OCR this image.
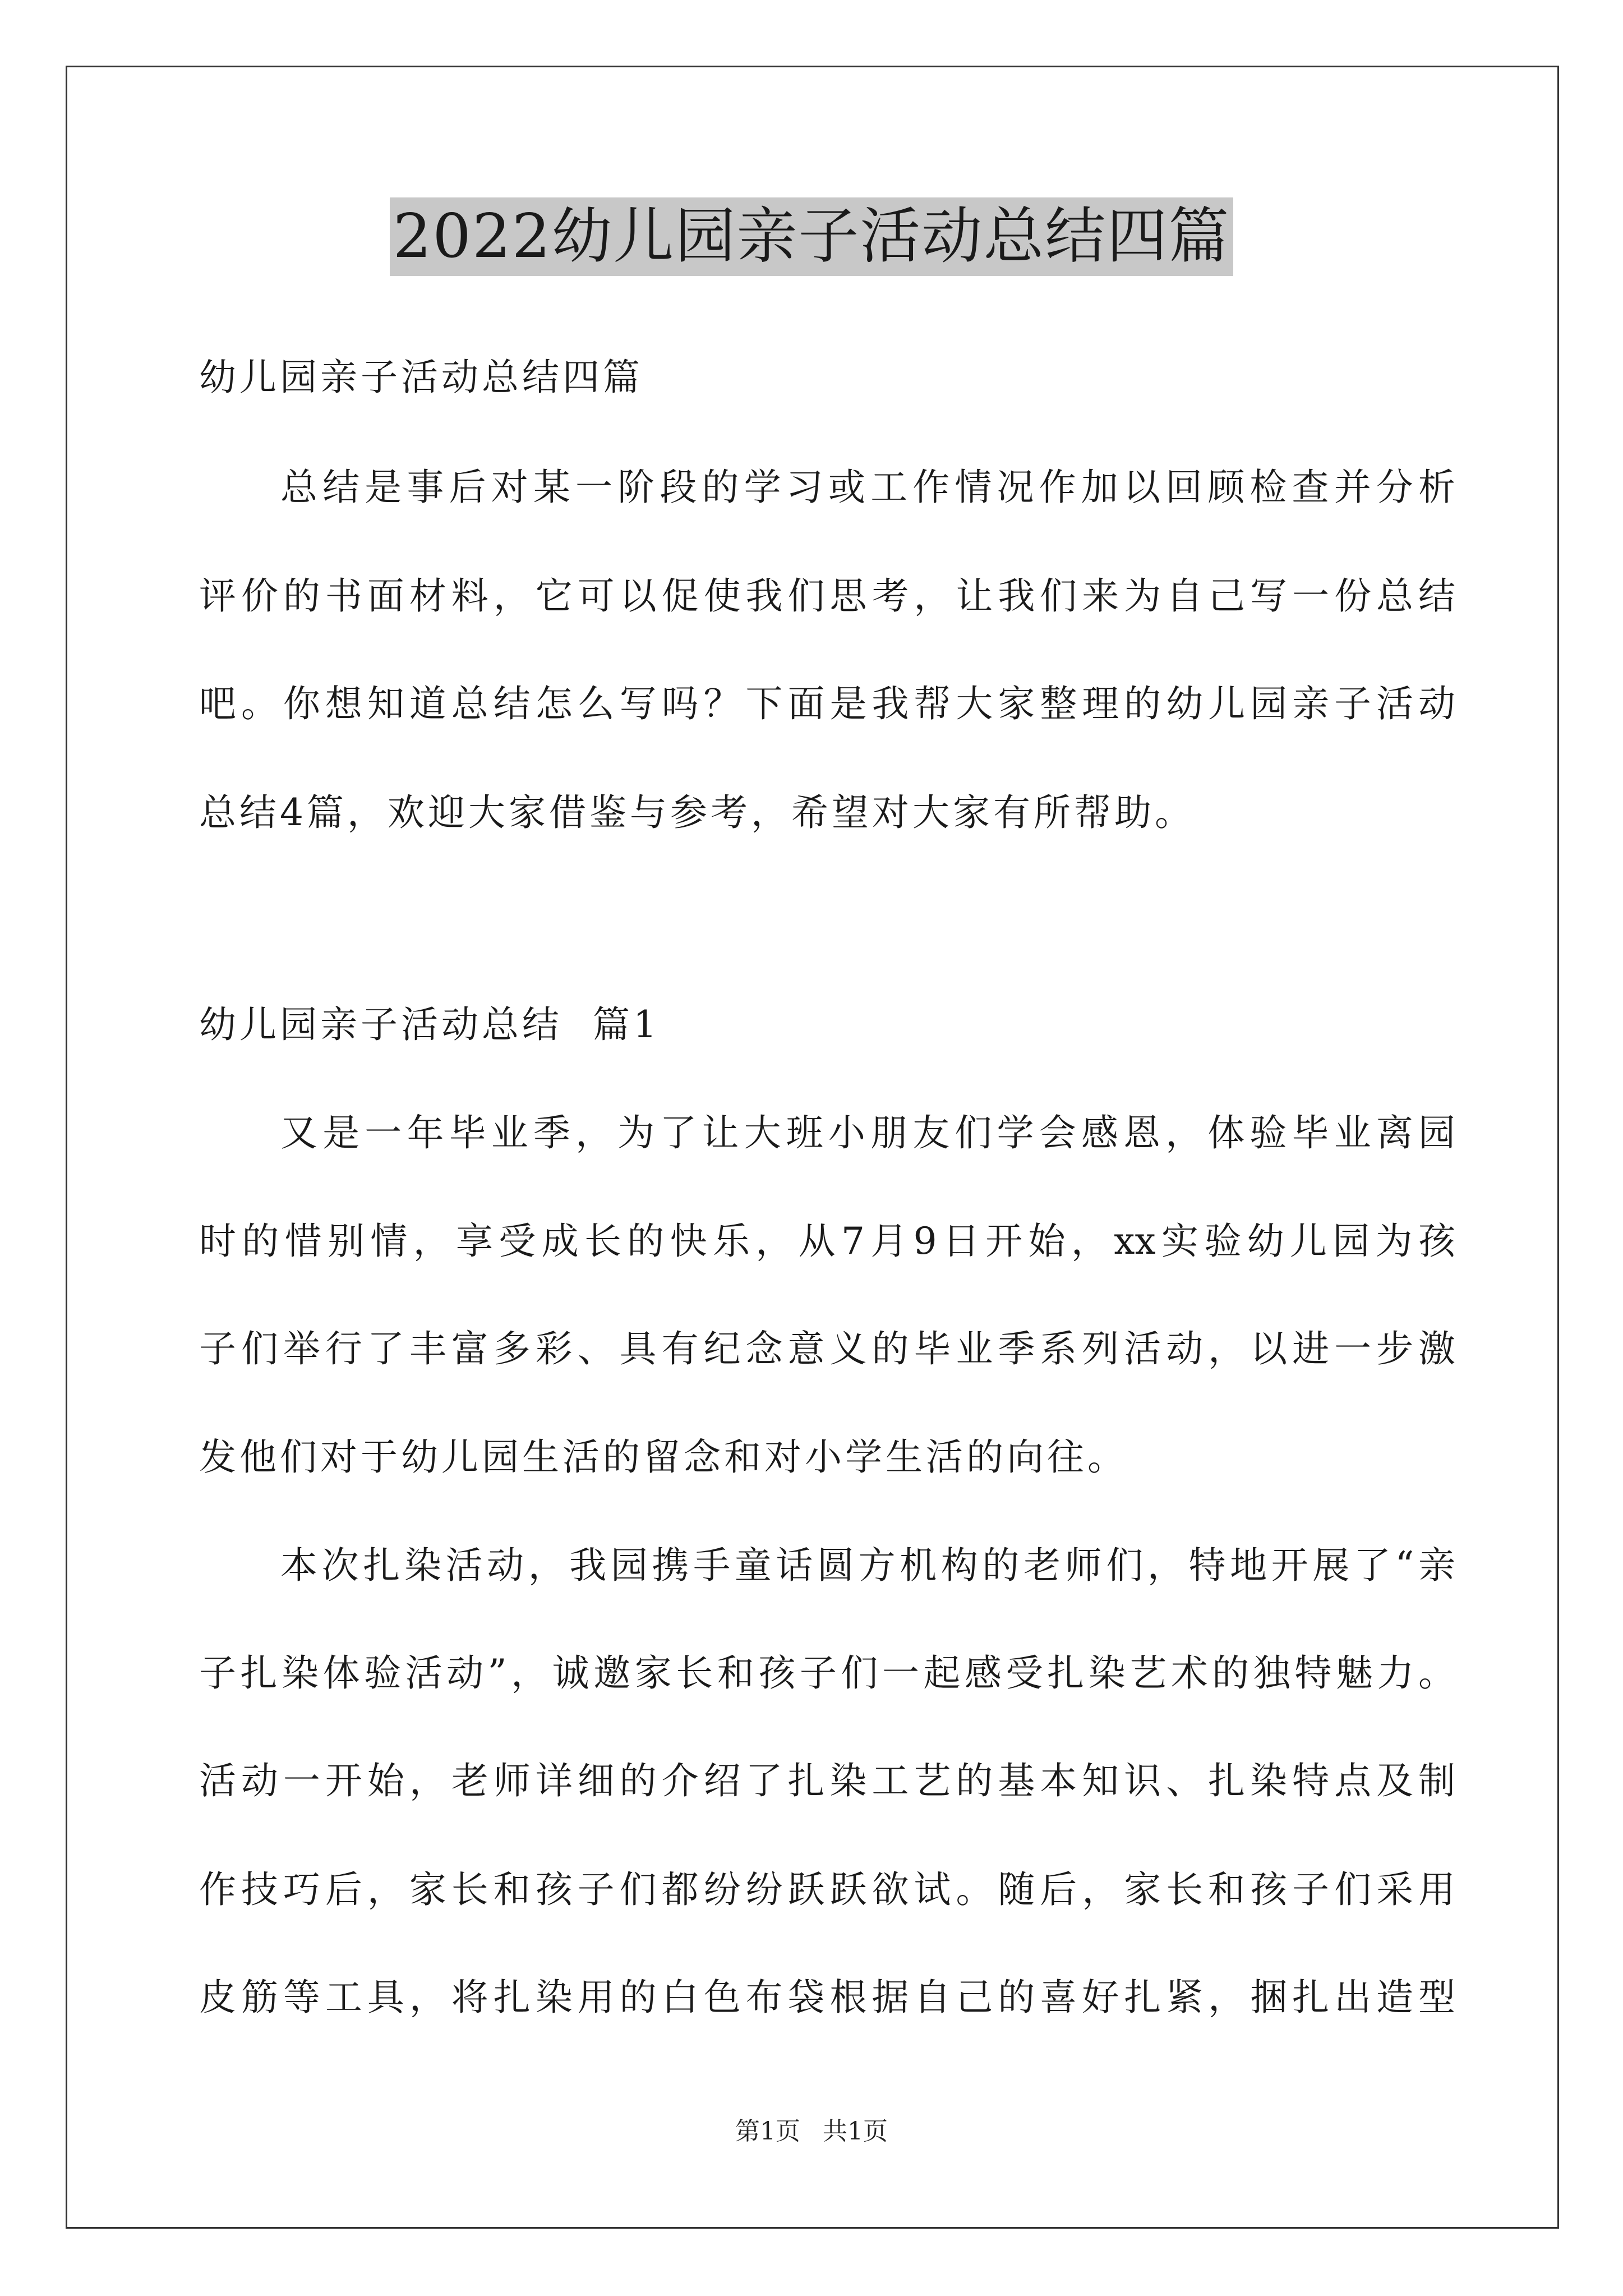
2022幼儿园亲子活动总结四篇
幼儿园亲子活动总结四篇
总结是事后对某一阶段的学习或工作情况作加以回顾检查并分析
评价的书面材料，它可以促使我们思考，让我们来为自己写一份总结
吧。你想知道总结怎么写吗？下面是我帮大家整理的幼儿园亲子活动
总结4篇，欢迎大家借鉴与参考，希望对大家有所帮助。
幼儿园亲子活动总结  篇1
又是一年毕业季，为了让大班小朋友们学会感恩，体验毕业离园
时的惜别情，享受成长的快乐，从7月9日开始，xx实验幼儿园为孩
子们举行了丰富多彩、具有纪念意义的毕业季系列活动，以进一步激
发他们对于幼儿园生活的留念和对小学生活的向往。
本次扎染活动，我园携手童话圆方机构的老师们，特地开展了“亲
子扎染体验活动”，诚邀家长和孩子们一起感受扎染艺术的独特魅力。
活动一开始，老师详细的介绍了扎染工艺的基本知识、扎染特点及制
作技巧后，家长和孩子们都纷纷跃跃欲试。随后，家长和孩子们采用
皮筋等工具，将扎染用的白色布袋根据自己的喜好扎紧，捆扎出造型
第1页 共1页
